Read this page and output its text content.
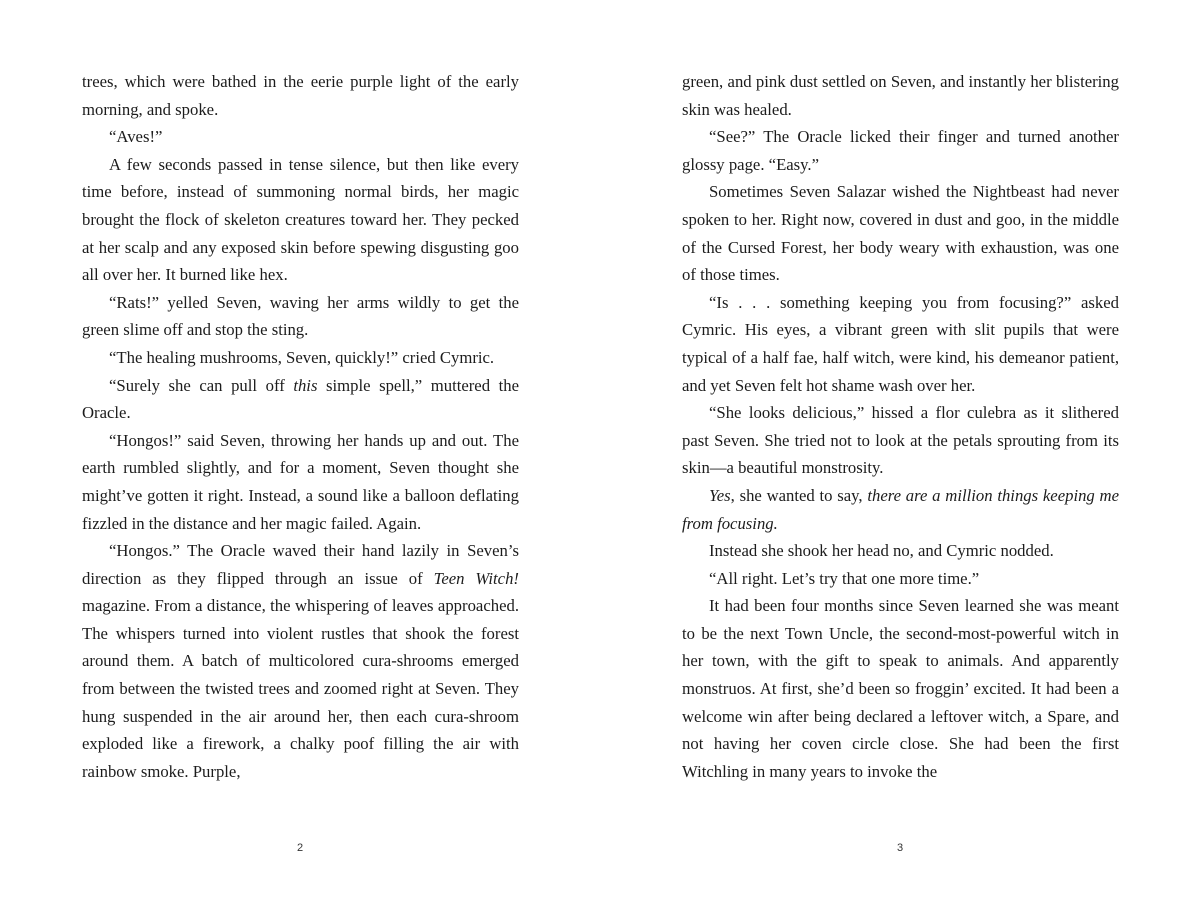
trees, which were bathed in the eerie purple light of the early morning, and spoke.

“Aves!”

A few seconds passed in tense silence, but then like every time before, instead of summoning normal birds, her magic brought the flock of skeleton creatures toward her. They pecked at her scalp and any exposed skin before spewing disgusting goo all over her. It burned like hex.

“Rats!” yelled Seven, waving her arms wildly to get the green slime off and stop the sting.

“The healing mushrooms, Seven, quickly!” cried Cymric.

“Surely she can pull off this simple spell,” muttered the Oracle.

“Hongos!” said Seven, throwing her hands up and out. The earth rumbled slightly, and for a moment, Seven thought she might’ve gotten it right. Instead, a sound like a balloon deflating fizzled in the distance and her magic failed. Again.

“Hongos.” The Oracle waved their hand lazily in Seven’s direction as they flipped through an issue of Teen Witch! magazine. From a distance, the whispering of leaves approached. The whispers turned into violent rustles that shook the forest around them. A batch of multicolored cura-shrooms emerged from between the twisted trees and zoomed right at Seven. They hung suspended in the air around her, then each cura-shroom exploded like a firework, a chalky poof filling the air with rainbow smoke. Purple,

2

green, and pink dust settled on Seven, and instantly her blistering skin was healed.

“See?” The Oracle licked their finger and turned another glossy page. “Easy.”

Sometimes Seven Salazar wished the Nightbeast had never spoken to her. Right now, covered in dust and goo, in the middle of the Cursed Forest, her body weary with exhaustion, was one of those times.

“Is . . . something keeping you from focusing?” asked Cymric. His eyes, a vibrant green with slit pupils that were typical of a half fae, half witch, were kind, his demeanor patient, and yet Seven felt hot shame wash over her.

“She looks delicious,” hissed a flor culebra as it slithered past Seven. She tried not to look at the petals sprouting from its skin—a beautiful monstrosity.

Yes, she wanted to say, there are a million things keeping me from focusing.

Instead she shook her head no, and Cymric nodded.

“All right. Let’s try that one more time.”

It had been four months since Seven learned she was meant to be the next Town Uncle, the second-most-powerful witch in her town, with the gift to speak to animals. And apparently monstruos. At first, she’d been so froggin’ excited. It had been a welcome win after being declared a leftover witch, a Spare, and not having her coven circle close. She had been the first Witchling in many years to invoke the

3
